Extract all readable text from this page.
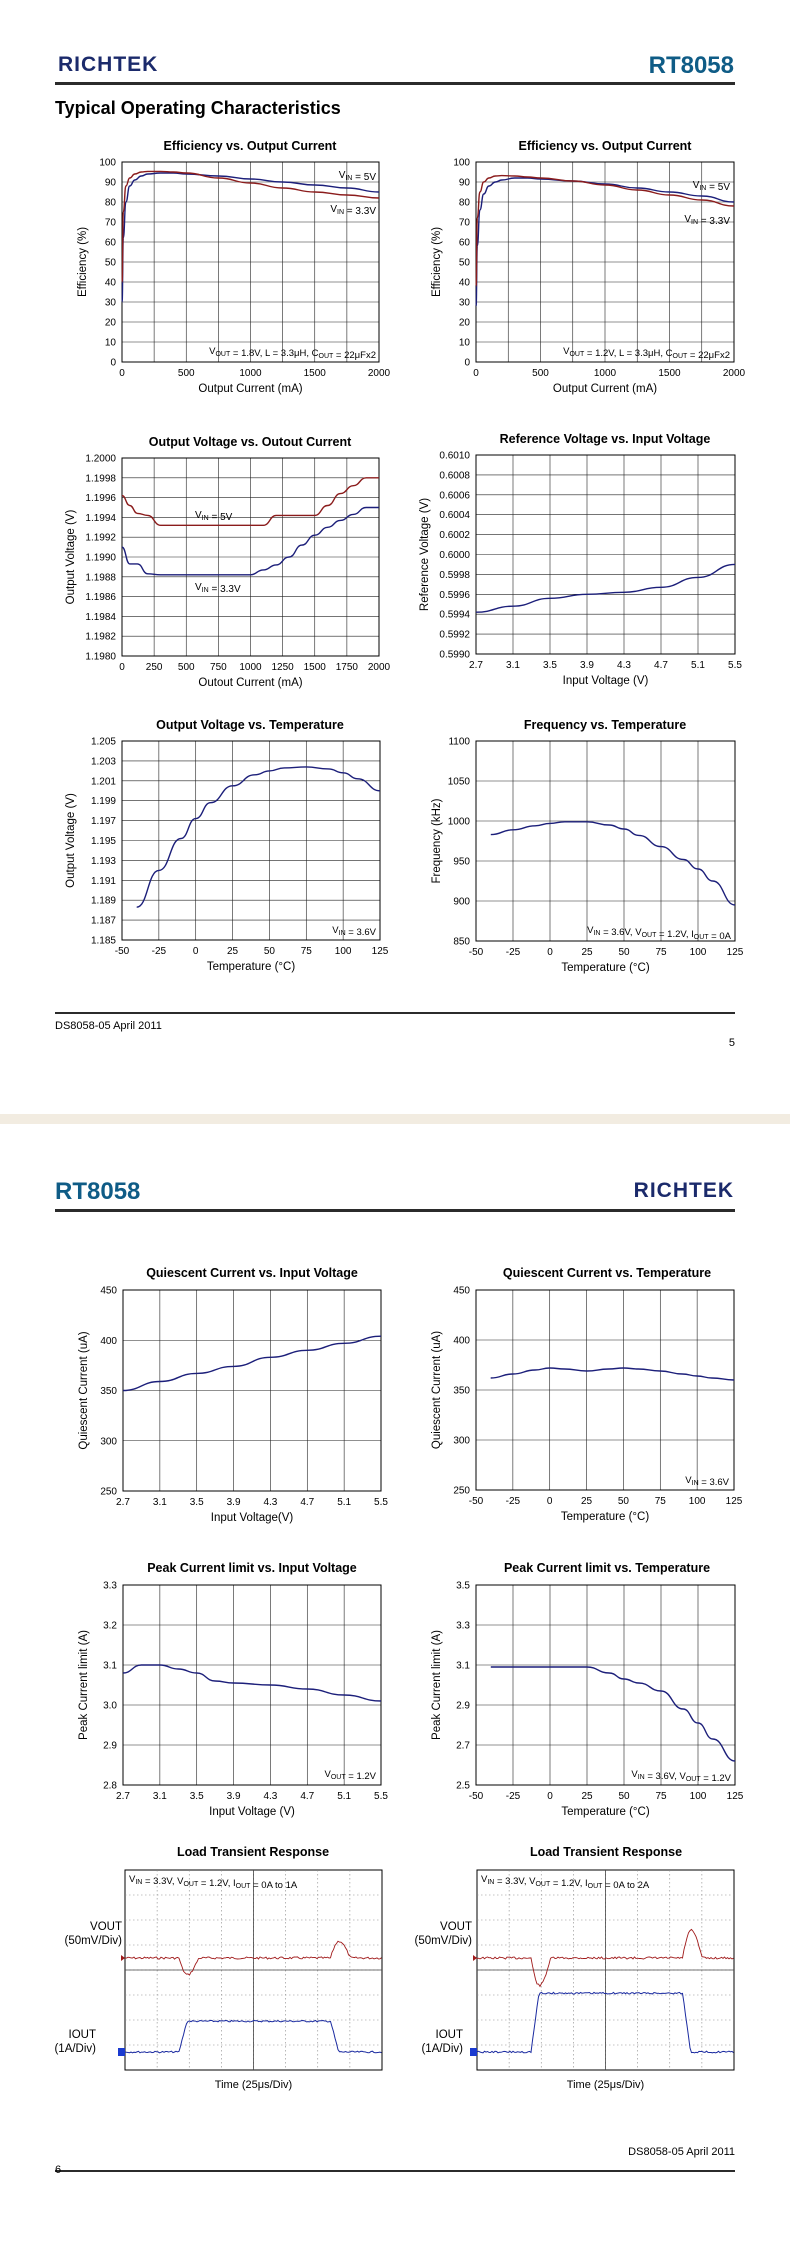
RICHTEK	RT8058
Typical Operating Characteristics
DS8058-05 April 2011
5
RT8058	RICHTEK
VOUT
(50mV/Div)
IOUT
(1A/Div)
VOUT
(50mV/Div)
IOUT
(1A/Div)
DS8058-05 April 2011
6
Efficiency vs. Output Current
0	500	1000	1500	2000
0
10
20
30
40
50
60
70
80
90
100
Output Current (mA)
Efficiency (%)
$V_{IN} = 5V$
$V_{IN} = 3.3V$
$V_{OUT} = 1.8V$, L = 3.3μH, $C_{OUT} = 22\mu Fx2$
Efficiency vs. Output Current
0	500	1000	1500	2000
0
10
20
30
40
50
60
70
80
90
100
Output Current (mA)
Efficiency (%)
$V_{IN} = 5V$
$V_{IN} = 3.3V$
$V_{OUT} = 1.2V$, L = 3.3μH, $C_{OUT} = 22\mu Fx2$
Output Voltage vs. Outout Current
0 250 500 750 1000 1250 1500 1750 2000
1.1980
1.1982
1.1984
1.1986
1.1988
1.1990
1.1992
1.1994
1.1996
1.1998
1.2000
Outout Current (mA)
Output Voltage (V)	$V_{IN} = 5V$
$V_{IN} = 3.3V$
Reference Voltage vs. Input Voltage
2.7 3.1 3.5 3.9 4.3 4.7 5.1 5.5
0.5990
0.5992
0.5994
0.5996
0.5998
0.6000
0.6002
0.6004
0.6006
0.6008
0.6010
Input Voltage (V)
Reference Voltage (V)
Output Voltage vs. Temperature
-50 -25	0	25	50	75 100 125
1.185
1.187
1.189
1.191
1.193
1.195
1.197
1.199
1.201
1.203
1.205
Temperature (°C)
Output Voltage (V)
$V_{IN} = 3.6V$
Frequency vs. Temperature
-50 -25	0	25	50	75 100 125
850
900
950
1000
1050
1100
Temperature (°C)
Frequency (kHz)
$V_{IN} = 3.6V$, $V_{OUT} = 1.2V$, $I_{OUT} = 0A$
Quiescent Current vs. Input Voltage
2.7 3.1 3.5 3.9 4.3 4.7 5.1 5.5
250
300
350
400
450
Input Voltage(V)
Quiescent Current (uA)
Quiescent Current vs. Temperature
-50 -25	0	25	50	75 100 125
250
300
350
400
450
Temperature (°C)
Quiescent Current (uA)
$V_{IN} = 3.6V$
Peak Current limit vs. Input Voltage
2.7 3.1 3.5 3.9 4.3 4.7 5.1 5.5
2.8
2.9
3.0
3.1
3.2
3.3
Input Voltage (V)
Peak Current limit (A)
$V_{OUT} = 1.2V$
Peak Current limit vs. Temperature
-50 -25	0	25	50	75 100 125
2.5
2.7
2.9
3.1
3.3
3.5
Temperature (°C)
Peak Current limit (A)
$V_{IN} = 3.6V$, $V_{OUT} = 1.2V$
Load Transient Response
$V_{IN} = 3.3V$, $V_{OUT} = 1.2V$, $I_{OUT} = 0A$ to 1A
Time (25μs/Div)
Load Transient Response
$V_{IN} = 3.3V$, $V_{OUT} = 1.2V$, $I_{OUT} = 0A$ to 2A
Time (25μs/Div)
